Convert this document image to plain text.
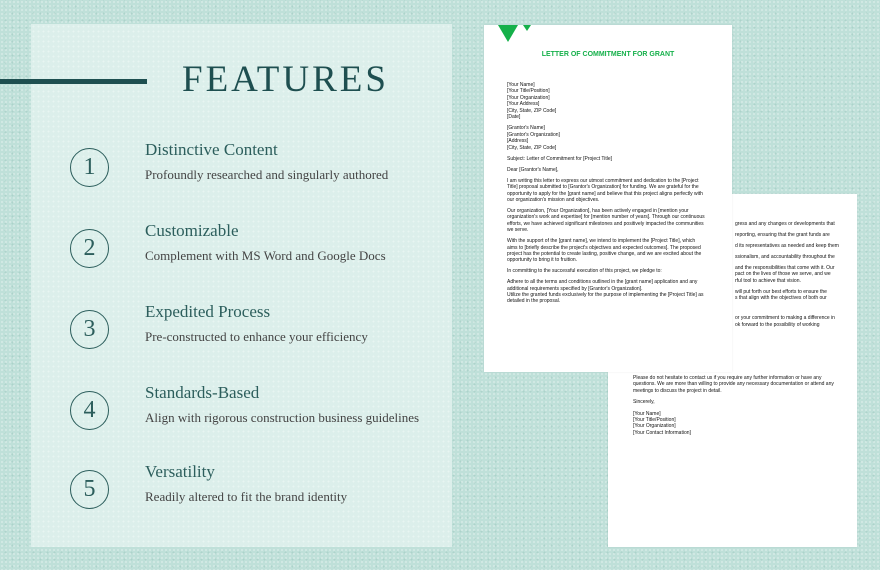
FEATURES
1
Distinctive Content
Profoundly researched and singularly authored
2
Customizable
Complement with MS Word and Google Docs
3
Expedited Process
Pre-constructed to enhance your efficiency
4
Standards-Based
Align with rigorous construction business guidelines
5
Versatility
Readily altered to fit the brand identity
gress and any changes or developments that
reporting, ensuring that the grant funds are
d its representatives as needed and keep them
ssionalism, and accountability throughout the
and the responsibilities that come with it. Our
pact on the lives of those we serve, and we
rful tool to achieve that vision.
will put forth our best efforts to ensure the
s that align with the objectives of both our
or your commitment to making a difference in
ok forward to the possibility of working

Please do not hesitate to contact us if you require any further information or have any
questions. We are more than willing to provide any necessary documentation or attend any
meetings to discuss the project in detail.

Sincerely,

[Your Name]
[Your Title/Position]
[Your Organization]
[Your Contact Information]

LETTER OF COMMITMENT FOR GRANT

[Your Name]
[Your Title/Position]
[Your Organization]
[Your Address]
[City, State, ZIP Code]
[Date]

[Grantor's Name]
[Grantor's Organization]
[Address]
[City, State, ZIP Code]

Subject: Letter of Commitment for [Project Title]

Dear [Grantor's Name],

I am writing this letter to express our utmost commitment and dedication to the [Project
Title] proposal submitted to [Grantor's Organization] for funding. We are grateful for the
opportunity to apply for the [grant name] and believe that this project aligns perfectly with
our organization's mission and objectives.

Our organization, [Your Organization], has been actively engaged in [mention your
organization's work and expertise] for [mention number of years]. Through our continuous
efforts, we have achieved significant milestones and positively impacted the communities
we serve.

With the support of the [grant name], we intend to implement the [Project Title], which
aims to [briefly describe the project's objectives and expected outcomes]. The proposed
project has the potential to create lasting, positive change, and we are excited about the
opportunity to bring it to fruition.

In committing to the successful execution of this project, we pledge to:

Adhere to all the terms and conditions outlined in the [grant name] application and any
additional requirements specified by [Grantor's Organization].
Utilize the granted funds exclusively for the purpose of implementing the [Project Title] as
detailed in the proposal.
